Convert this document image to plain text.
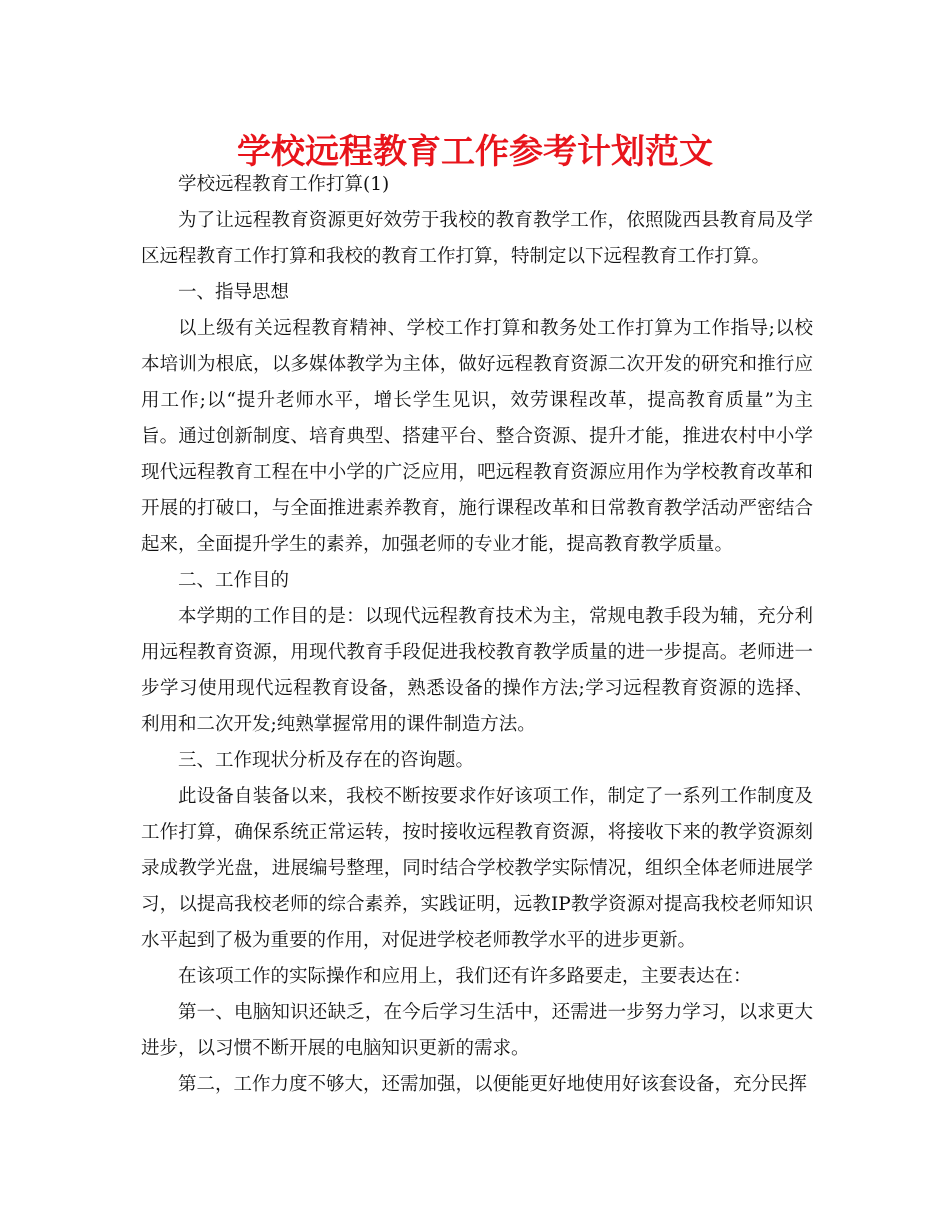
学校远程教育工作参考计划范文

学校远程教育工作打算(1)

为了让远程教育资源更好效劳于我校的教育教学工作，依照陇西县教育局及学区远程教育工作打算和我校的教育工作打算，特制定以下远程教育工作打算。

一、指导思想

以上级有关远程教育精神、学校工作打算和教务处工作打算为工作指导;以校本培训为根底，以多媒体教学为主体，做好远程教育资源二次开发的研究和推行应用工作;以“提升老师水平，增长学生见识，效劳课程改革，提高教育质量”为主旨。通过创新制度、培育典型、搭建平台、整合资源、提升才能，推进农村中小学现代远程教育工程在中小学的广泛应用，吧远程教育资源应用作为学校教育改革和开展的打破口，与全面推进素养教育，施行课程改革和日常教育教学活动严密结合起来，全面提升学生的素养，加强老师的专业才能，提高教育教学质量。

二、工作目的

本学期的工作目的是：以现代远程教育技术为主，常规电教手段为辅，充分利用远程教育资源，用现代教育手段促进我校教育教学质量的进一步提高。老师进一步学习使用现代远程教育设备，熟悉设备的操作方法;学习远程教育资源的选择、利用和二次开发;纯熟掌握常用的课件制造方法。

三、工作现状分析及存在的咨询题。

此设备自装备以来，我校不断按要求作好该项工作，制定了一系列工作制度及工作打算，确保系统正常运转，按时接收远程教育资源，将接收下来的教学资源刻录成教学光盘，进展编号整理，同时结合学校教学实际情况，组织全体老师进展学习，以提高我校老师的综合素养，实践证明，远教IP教学资源对提高我校老师知识水平起到了极为重要的作用，对促进学校老师教学水平的进步更新。

在该项工作的实际操作和应用上，我们还有许多路要走，主要表达在：

第一、电脑知识还缺乏，在今后学习生活中，还需进一步努力学习，以求更大进步，以习惯不断开展的电脑知识更新的需求。

第二，工作力度不够大，还需加强，以便能更好地使用好该套设备，充分民挥
